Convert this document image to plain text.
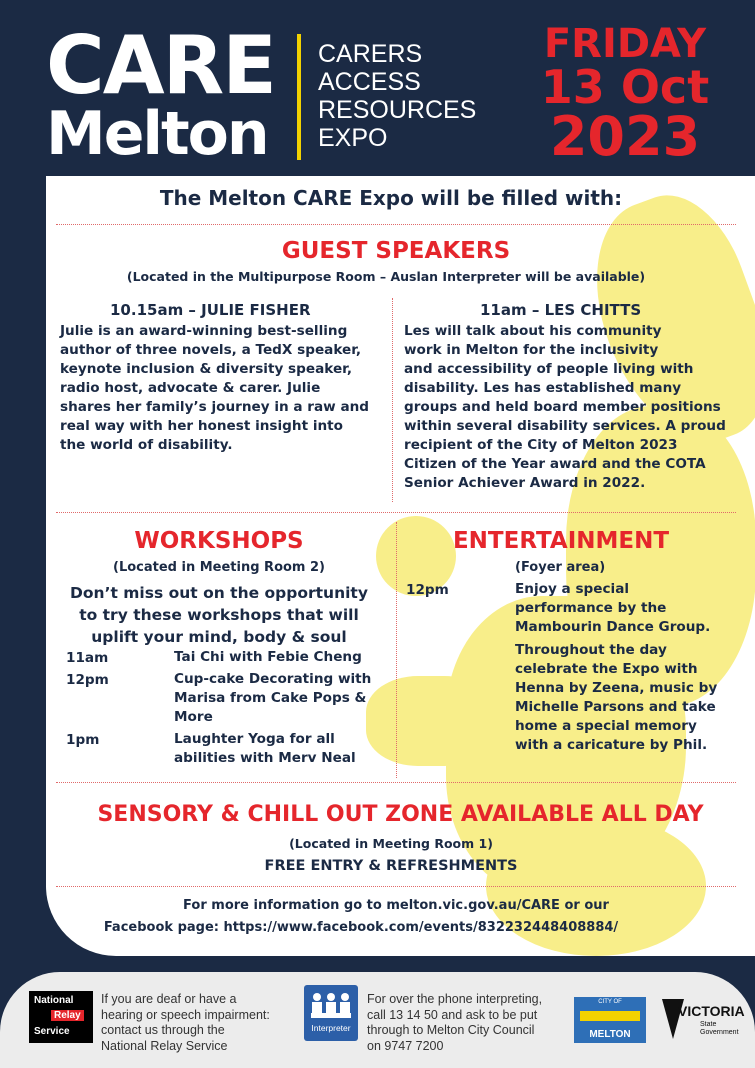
CARE
Melton
CARERS
ACCESS
RESOURCES
EXPO
FRIDAY
13 Oct
2023
The Melton CARE Expo will be filled with:
GUEST SPEAKERS
(Located in the Multipurpose Room – Auslan Interpreter will be available)
10.15am – JULIE FISHER
Julie is an award-winning best-selling
author of three novels, a TedX speaker,
keynote inclusion & diversity speaker,
radio host, advocate & carer. Julie
shares her family’s journey in a raw and
real way with her honest insight into
the world of disability.
11am – LES CHITTS
Les will talk about his community
work in Melton for the inclusivity
and accessibility of people living with
disability. Les has established many
groups and held board member positions
within several disability services. A proud
recipient of the City of Melton 2023
Citizen of the Year award and the COTA
Senior Achiever Award in 2022.
WORKSHOPS
(Located in Meeting Room 2)
Don’t miss out on the opportunity
to try these workshops that will
uplift your mind, body & soul
11am	Tai Chi with Febie Cheng
12pm	Cup-cake Decorating with
Marisa from Cake Pops &
More
1pm	Laughter Yoga for all
abilities with Merv Neal
ENTERTAINMENT
(Foyer area)
12pm	Enjoy a special
performance by the
Mambourin Dance Group.
Throughout the day
celebrate the Expo with
Henna by Zeena, music by
Michelle Parsons and take
home a special memory
with a caricature by Phil.
SENSORY & CHILL OUT ZONE AVAILABLE ALL DAY
(Located in Meeting Room 1)
FREE ENTRY & REFRESHMENTS
For more information go to melton.vic.gov.au/CARE or our
Facebook page: https://www.facebook.com/events/832232448408884/
National
Relay
Service
If you are deaf or have a
hearing or speech impairment:
contact us through the
National Relay Service
Interpreter
For over the phone interpreting,
call 13 14 50 and ask to be put
through to Melton City Council
on 9747 7200
CITY OF
MELTON
VICTORIA
State
Government
